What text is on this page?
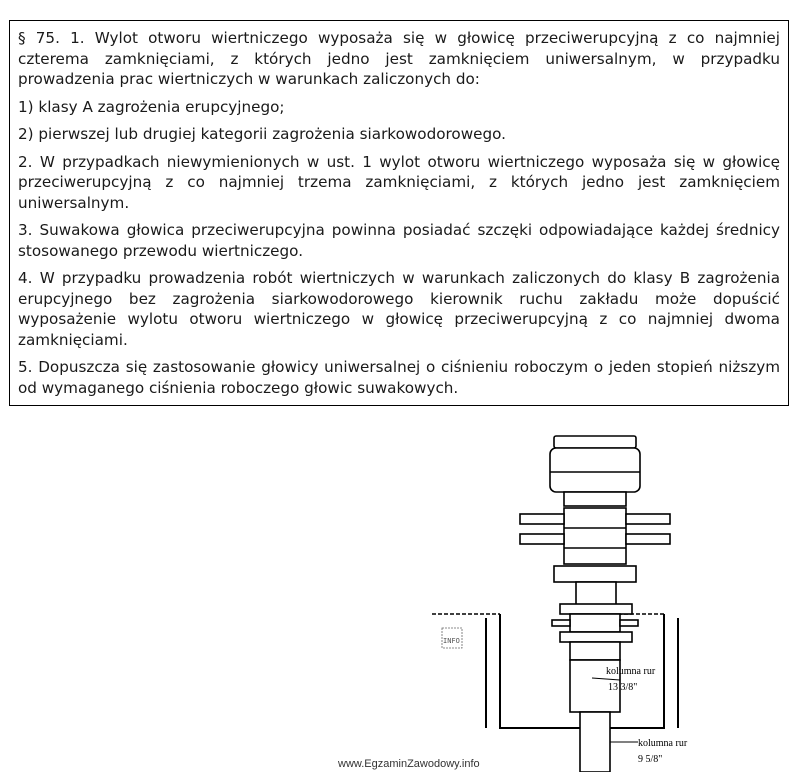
§ 75. 1. Wylot otworu wiertniczego wyposaża się w głowicę przeciwerupcyjną z co najmniej czterema zamknięciami, z których jedno jest zamknięciem uniwersalnym, w przypadku prowadzenia prac wiertniczych w warunkach zaliczonych do:

1) klasy A zagrożenia erupcyjnego;

2) pierwszej lub drugiej kategorii zagrożenia siarkowodorowego.

2. W przypadkach niewymienionych w ust. 1 wylot otworu wiertniczego wyposaża się w głowicę przeciwerupcyjną z co najmniej trzema zamknięciami, z których jedno jest zamknięciem uniwersalnym.

3. Suwakowa głowica przeciwerupcyjna powinna posiadać szczęki odpowiadające każdej średnicy stosowanego przewodu wiertniczego.

4. W przypadku prowadzenia robót wiertniczych w warunkach zaliczonych do klasy B zagrożenia erupcyjnego bez zagrożenia siarkowodorowego kierownik ruchu zakładu może dopuścić wyposażenie wylotu otworu wiertniczego w głowicę przeciwerupcyjną z co najmniej dwoma zamknięciami.

5. Dopuszcza się zastosowanie głowicy uniwersalnej o ciśnieniu roboczym o jeden stopień niższym od wymaganego ciśnienia roboczego głowic suwakowych.

kolumna rur
13 3/8"
kolumna rur
9 5/8"
INFO
www.EgzaminZawodowy.info
